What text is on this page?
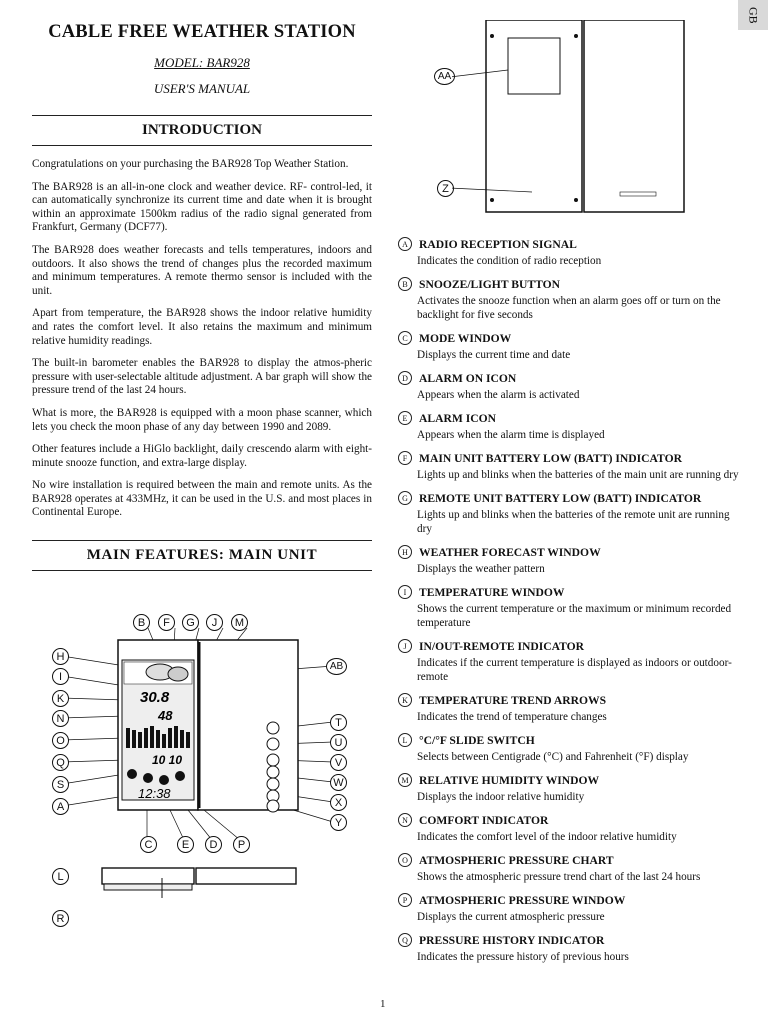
GB
CABLE FREE WEATHER STATION
MODEL: BAR928
USER'S MANUAL
INTRODUCTION

Congratulations on your purchasing the BAR928 Top Weather Station.

The BAR928 is an all-in-one clock and weather device. RF- control-led, it can automatically synchronize its current time and date when it is brought within an approximate 1500km radius of the radio signal generated from Frankfurt, Germany (DCF77).

The BAR928 does weather forecasts and tells temperatures, indoors and outdoors. It also shows the trend of changes plus the recorded maximum and minimum temperatures. A remote thermo sensor is included with the unit.

Apart from temperature, the BAR928 shows the indoor relative humidity and rates the comfort level. It also retains the maximum and minimum relative humidity readings.

The built-in barometer enables the BAR928 to display the atmos-pheric pressure with user-selectable altitude adjustment. A bar graph will show the pressure trend of the last 24 hours.

What is more, the BAR928 is equipped with a moon phase scanner, which lets you check the moon phase of any day between 1990 and 2089.

Other features include a HiGlo backlight, daily crescendo alarm with eight-minute snooze function, and extra-large display.

No wire installation is required between the main and remote units. As the BAR928 operates at 433MHz, it can be used in the U.S. and most places in Continental Europe.

MAIN FEATURES: MAIN UNIT
30.8
48
10 10
12:38
B	F	G	J	M
H
I
K
N
O
Q
S
A
AB
T
U
V
W
X
Y
C	E	D	P
L
R
AA
Z
A RADIO RECEPTION SIGNAL
Indicates the condition of radio reception
B SNOOZE/LIGHT BUTTON
Activates the snooze function when an alarm goes off or turn on the backlight for five seconds
C MODE WINDOW
Displays the current time and date
D ALARM ON ICON
Appears when the alarm is activated
E ALARM ICON
Appears when the alarm time is displayed
F	MAIN UNIT BATTERY LOW (BATT) INDICATOR
Lights up and blinks when the batteries of the main unit are running dry
G REMOTE UNIT BATTERY LOW (BATT) INDICATOR
Lights up and blinks when the batteries of the remote unit are running dry
H WEATHER FORECAST WINDOW
Displays the weather pattern
I	TEMPERATURE WINDOW
Shows the current temperature or the maximum or minimum recorded temperature
J	IN/OUT-REMOTE INDICATOR
Indicates if the current temperature is displayed as indoors or outdoor-remote
K TEMPERATURE TREND ARROWS
Indicates the trend of temperature changes
L °C/°F SLIDE SWITCH
Selects between Centigrade (°C) and Fahrenheit (°F) display
M RELATIVE HUMIDITY WINDOW
Displays the indoor relative humidity
N COMFORT INDICATOR
Indicates the comfort level of the indoor relative humidity
O ATMOSPHERIC PRESSURE CHART
Shows the atmospheric pressure trend chart of the last 24 hours
P	ATMOSPHERIC PRESSURE WINDOW
Displays the current atmospheric pressure
Q PRESSURE HISTORY INDICATOR
Indicates the pressure history of previous hours
1
